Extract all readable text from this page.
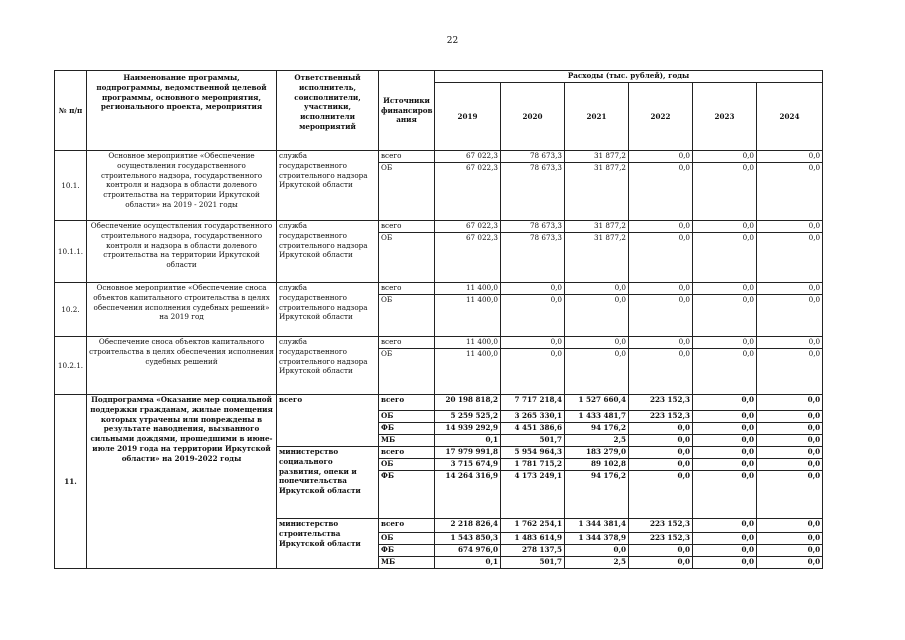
22
№ п/п	Наименование программы, подпрограммы, ведомственной целевой программы, основного мероприятия, регионального проекта, мероприятия	Ответственный исполнитель, соисполнители, участники, исполнители мероприятий	Источники финансиров ания	Расходы (тыс. рублей), годы					
				2019	2020	2021	2022	2023	2024
10.1.	Основное мероприятие «Обеспечение осуществления государственного строительного надзора, государственного контроля и надзора в области долевого строительства на территории Иркутской области» на 2019 - 2021 годы	служба государственного строительного надзора Иркутской области	всего	67 022,3	78 673,3	31 877,2	0,0	0,0	0,0
			ОБ	67 022,3	78 673,3	31 877,2	0,0	0,0	0,0
10.1.1.	Обеспечение осуществления государственного строительного надзора, государственного контроля и надзора в области долевого строительства на территории Иркутской области	служба государственного строительного надзора Иркутской области	всего	67 022,3	78 673,3	31 877,2	0,0	0,0	0,0
			ОБ	67 022,3	78 673,3	31 877,2	0,0	0,0	0,0
10.2.	Основное мероприятие «Обеспечение сноса объектов капитального строительства в целях обеспечения исполнения судебных решений» на 2019 год	служба государственного строительного надзора Иркутской области	всего	11 400,0	0,0	0,0	0,0	0,0	0,0
			ОБ	11 400,0	0,0	0,0	0,0	0,0	0,0
10.2.1.	Обеспечение сноса объектов капитального строительства в целях обеспечения исполнения судебных решений	служба государственного строительного надзора Иркутской области	всего	11 400,0	0,0	0,0	0,0	0,0	0,0
			ОБ	11 400,0	0,0	0,0	0,0	0,0	0,0
11.	Подпрограмма «Оказание мер социальной поддержки гражданам, жилые помещения которых утрачены или повреждены в результате наводнения, вызванного сильными дождями, прошедшими в июне-июле 2019 года на территории Иркутской области» на 2019-2022 годы	всего	всего	20 198 818,2	7 717 218,4	1 527 660,4	223 152,3	0,0	0,0
			ОБ	5 259 525,2	3 265 330,1	1 433 481,7	223 152,3	0,0	0,0
			ФБ	14 939 292,9	4 451 386,6	94 176,2	0,0	0,0	0,0
			МБ	0,1	501,7	2,5	0,0	0,0	0,0
		министерство социального развития, опеки и попечительства Иркутской области	всего	17 979 991,8	5 954 964,3	183 279,0	0,0	0,0	0,0
			ОБ	3 715 674,9	1 781 715,2	89 102,8	0,0	0,0	0,0
			ФБ	14 264 316,9	4 173 249,1	94 176,2	0,0	0,0	0,0
		министерство строительства Иркутской области	всего	2 218 826,4	1 762 254,1	1 344 381,4	223 152,3	0,0	0,0
			ОБ	1 543 850,3	1 483 614,9	1 344 378,9	223 152,3	0,0	0,0
			ФБ	674 976,0	278 137,5	0,0	0,0	0,0	0,0
			МБ	0,1	501,7	2,5	0,0	0,0	0,0
